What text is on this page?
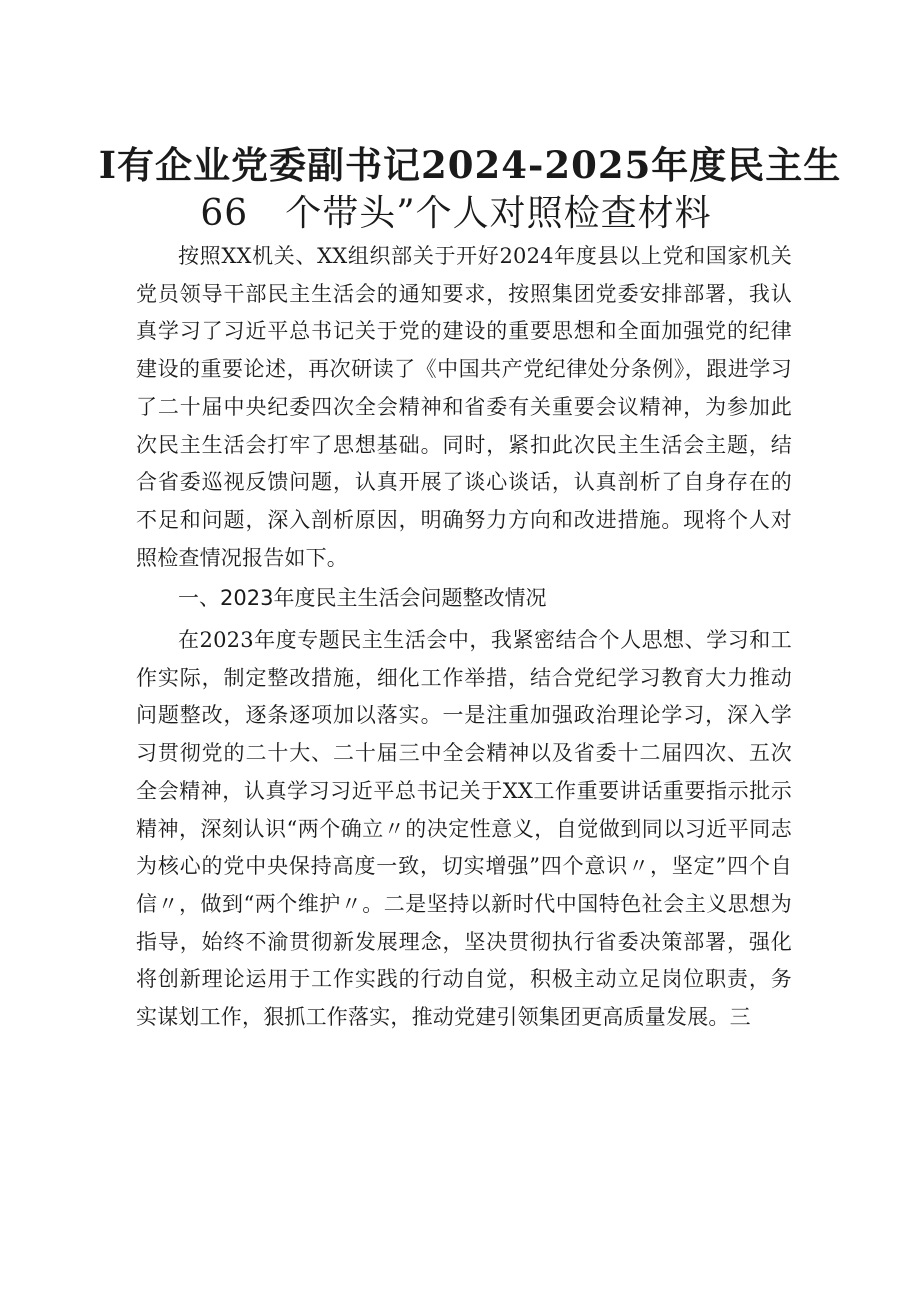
I有企业党委副书记2024-2025年度民主生
66　个带头”个人对照检查材料

按照XX机关、XX组织部关于开好2024年度县以上党和国家机关党员领导干部民主生活会的通知要求，按照集团党委安排部署，我认真学习了习近平总书记关于党的建设的重要思想和全面加强党的纪律建设的重要论述，再次研读了《中国共产党纪律处分条例》，跟进学习了二十届中央纪委四次全会精神和省委有关重要会议精神，为参加此次民主生活会打牢了思想基础。同时，紧扣此次民主生活会主题，结合省委巡视反馈问题，认真开展了谈心谈话，认真剖析了自身存在的不足和问题，深入剖析原因，明确努力方向和改进措施。现将个人对照检查情况报告如下。

一、2023年度民主生活会问题整改情况

在2023年度专题民主生活会中，我紧密结合个人思想、学习和工作实际，制定整改措施，细化工作举措，结合党纪学习教育大力推动问题整改，逐条逐项加以落实。一是注重加强政治理论学习，深入学习贯彻党的二十大、二十届三中全会精神以及省委十二届四次、五次全会精神，认真学习习近平总书记关于XX工作重要讲话重要指示批示精神，深刻认识“两个确立〃的决定性意义，自觉做到同以习近平同志为核心的党中央保持高度一致，切实增强”四个意识〃，坚定”四个自信〃，做到“两个维护〃。二是坚持以新时代中国特色社会主义思想为指导，始终不渝贯彻新发展理念，坚决贯彻执行省委决策部署，强化将创新理论运用于工作实践的行动自觉，积极主动立足岗位职责，务实谋划工作，狠抓工作落实，推动党建引领集团更高质量发展。三
